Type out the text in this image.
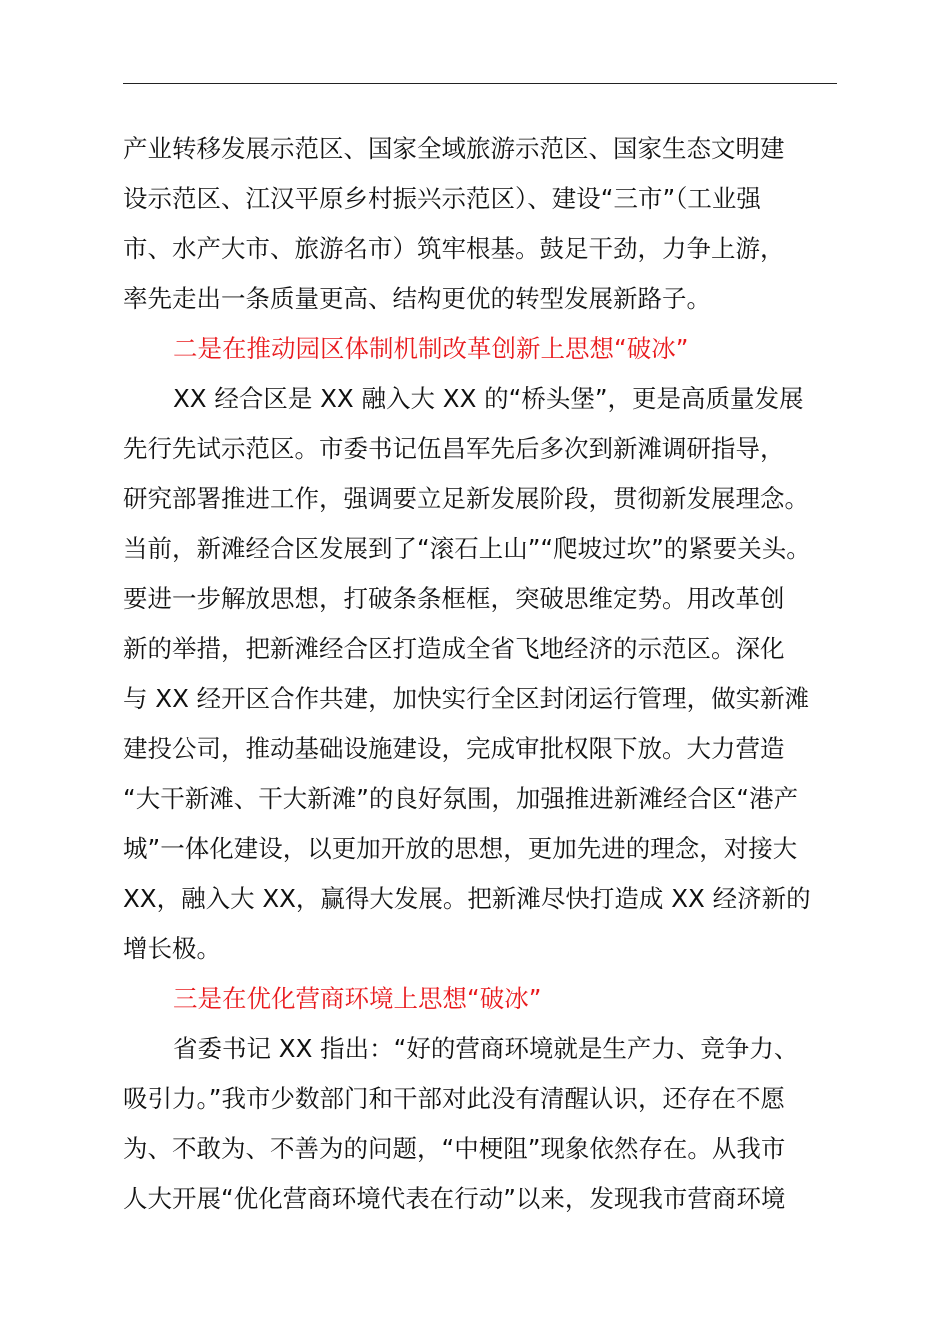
产业转移发展示范区、国家全域旅游示范区、国家生态文明建
设示范区、江汉平原乡村振兴示范区）、建设“三市”（工业强
市、水产大市、旅游名市）筑牢根基。鼓足干劲，力争上游，
率先走出一条质量更高、结构更优的转型发展新路子。
二是在推动园区体制机制改革创新上思想“破冰”
XX 经合区是 XX 融入大 XX 的“桥头堡”，更是高质量发展
先行先试示范区。市委书记伍昌军先后多次到新滩调研指导，
研究部署推进工作，强调要立足新发展阶段，贯彻新发展理念。
当前，新滩经合区发展到了“滚石上山”“爬坡过坎”的紧要关头。
要进一步解放思想，打破条条框框，突破思维定势。用改革创
新的举措，把新滩经合区打造成全省飞地经济的示范区。深化
与 XX 经开区合作共建，加快实行全区封闭运行管理，做实新滩
建投公司，推动基础设施建设，完成审批权限下放。大力营造
“大干新滩、干大新滩”的良好氛围，加强推进新滩经合区“港产
城”一体化建设，以更加开放的思想，更加先进的理念，对接大
XX，融入大 XX，赢得大发展。把新滩尽快打造成 XX 经济新的
增长极。
三是在优化营商环境上思想“破冰”
省委书记 XX 指出：“好的营商环境就是生产力、竞争力、
吸引力。”我市少数部门和干部对此没有清醒认识，还存在不愿
为、不敢为、不善为的问题，“中梗阻”现象依然存在。从我市
人大开展“优化营商环境代表在行动”以来，发现我市营商环境
